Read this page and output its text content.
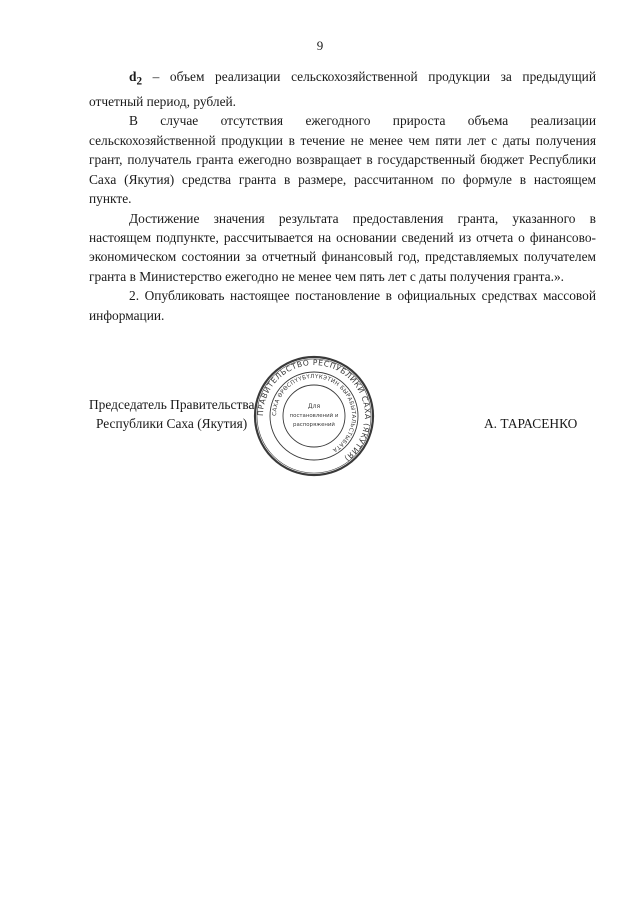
9

$d_2$ – объем реализации сельскохозяйственной продукции за предыдущий отчетный период, рублей.

В случае отсутствия ежегодного прироста объема реализации сельскохозяйственной продукции в течение не менее чем пяти лет с даты получения грант, получатель гранта ежегодно возвращает в государственный бюджет Республики Саха (Якутия) средства гранта в размере, рассчитанном по формуле в настоящем пункте.

Достижение значения результата предоставления гранта, указанного в настоящем подпункте, рассчитывается на основании сведений из отчета о финансово-экономическом состоянии за отчетный финансовый год, представляемых получателем гранта в Министерство ежегодно не менее чем пять лет с даты получения гранта.».

2. Опубликовать настоящее постановление в официальных средствах массовой информации.

Председатель Правительства
Республики Саха (Якутия)	А. ТАРАСЕНКО
ПРАВИТЕЛЬСТВО РЕСПУБЛИКИ САХА (ЯКУТИЯ)
САХА ӨРӨСПҮҮБҮЛҮКЭТИН БЫРАБЫТАЛЬСТЫБАТА
Для
постановлений и
распоряжений
